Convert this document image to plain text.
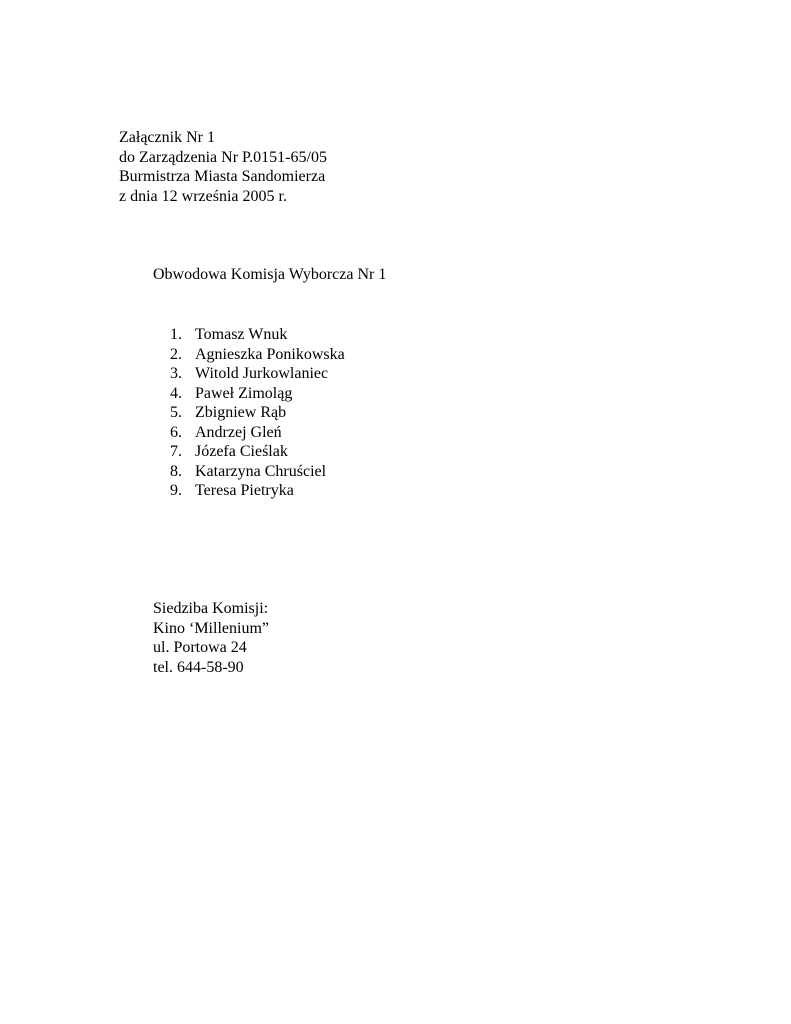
Załącznik Nr 1
do Zarządzenia Nr P.0151-65/05
Burmistrza Miasta Sandomierza
z dnia 12 września 2005 r.
Obwodowa Komisja Wyborcza Nr 1
1. Tomasz Wnuk
2. Agnieszka Ponikowska
3. Witold Jurkowlaniec
4. Paweł Zimoląg
5. Zbigniew Rąb
6. Andrzej Gleń
7. Józefa Cieślak
8. Katarzyna Chruściel
9. Teresa Pietryka
Siedziba Komisji:
Kino ‘Millenium”
ul. Portowa 24
tel. 644-58-90
